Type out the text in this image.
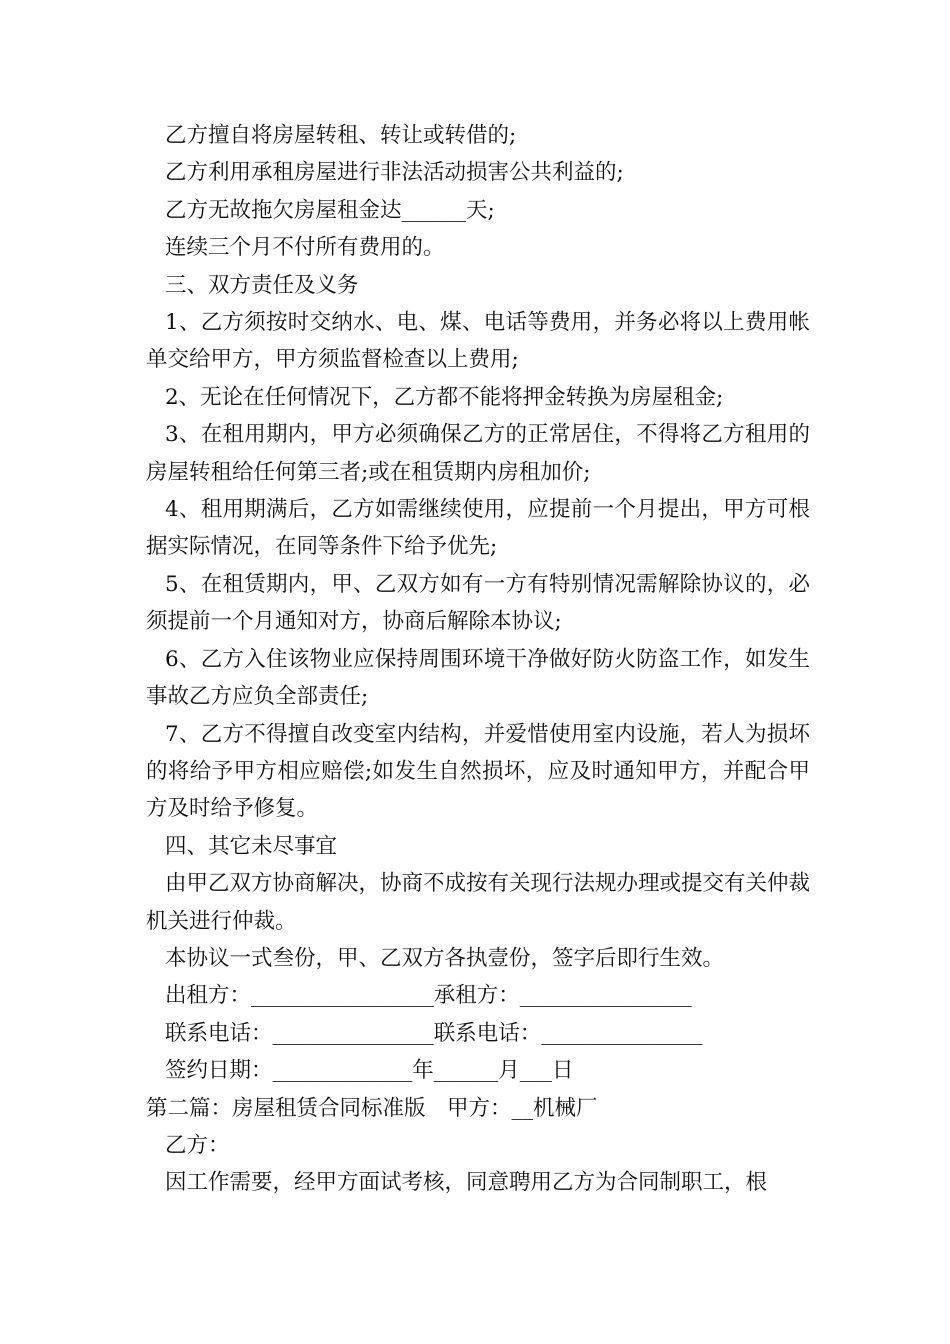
乙方擅自将房屋转租、转让或转借的;

乙方利用承租房屋进行非法活动损害公共利益的;

乙方无故拖欠房屋租金达______天;

连续三个月不付所有费用的。

三、双方责任及义务

1、乙方须按时交纳水、电、煤、电话等费用，并务必将以上费用帐单交给甲方，甲方须监督检查以上费用;

2、无论在任何情况下，乙方都不能将押金转换为房屋租金;

3、在租用期内，甲方必须确保乙方的正常居住，不得将乙方租用的房屋转租给任何第三者;或在租赁期内房租加价;

4、租用期满后，乙方如需继续使用，应提前一个月提出，甲方可根据实际情况，在同等条件下给予优先;

5、在租赁期内，甲、乙双方如有一方有特别情况需解除协议的，必须提前一个月通知对方，协商后解除本协议;

6、乙方入住该物业应保持周围环境干净做好防火防盗工作，如发生事故乙方应负全部责任;

7、乙方不得擅自改变室内结构，并爱惜使用室内设施，若人为损坏的将给予甲方相应赔偿;如发生自然损坏，应及时通知甲方，并配合甲方及时给予修复。

四、其它未尽事宜

由甲乙双方协商解决，协商不成按有关现行法规办理或提交有关仲裁机关进行仲裁。

本协议一式叁份，甲、乙双方各执壹份，签字后即行生效。

出租方：_________________承租方：________________

联系电话：_______________联系电话：_______________

签约日期：_____________年______月___日

第二篇：房屋租赁合同标准版　甲方：__机械厂

乙方：

因工作需要，经甲方面试考核，同意聘用乙方为合同制职工，根
